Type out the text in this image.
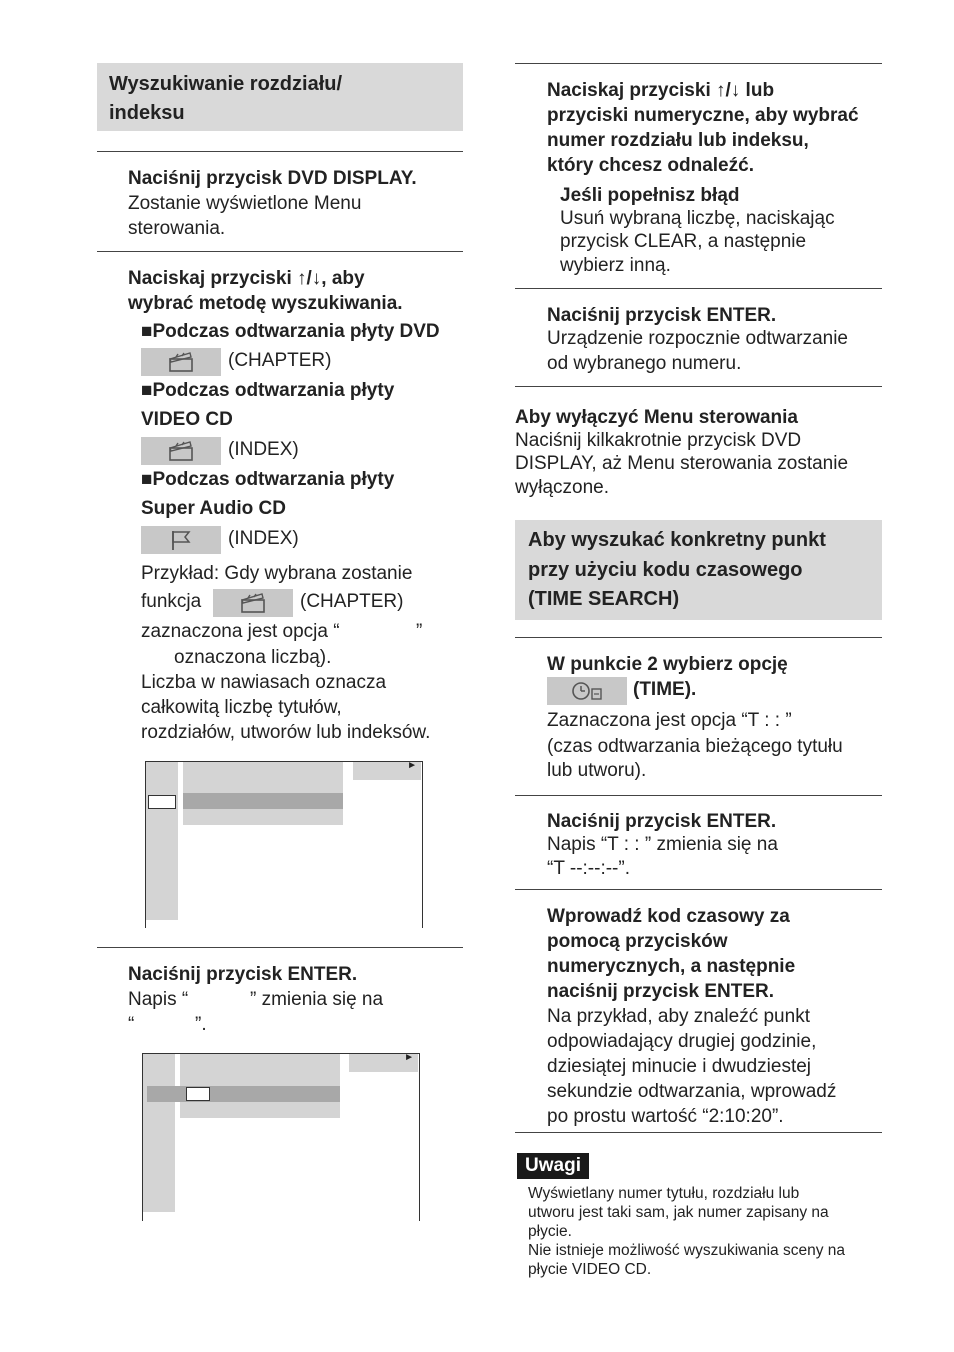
Wyszukiwanie rozdziału/
indeksu
Naciśnij przycisk DVD DISPLAY.
Zostanie wyświetlone Menu
sterowania.
Naciskaj przyciski ↑/↓, aby
wybrać metodę wyszukiwania.
■Podczas odtwarzania płyty DVD
(CHAPTER)
■Podczas odtwarzania płyty
VIDEO CD
(INDEX)
■Podczas odtwarzania płyty
Super Audio CD
(INDEX)
Przykład: Gdy wybrana zostanie
funkcja	(CHAPTER)
zaznaczona jest opcja “	”
oznaczona liczbą).
Liczba w nawiasach oznacza
całkowitą liczbę tytułów,
rozdziałów, utworów lub indeksów.
►
Naciśnij przycisk ENTER.
Napis “	” zmienia się na
“	”.
►
Naciskaj przyciski ↑/↓ lub
przyciski numeryczne, aby wybrać
numer rozdziału lub indeksu,
który chcesz odnaleźć.
Jeśli popełnisz błąd
Usuń wybraną liczbę, naciskając
przycisk CLEAR, a następnie
wybierz inną.
Naciśnij przycisk ENTER.
Urządzenie rozpocznie odtwarzanie
od wybranego numeru.
Aby wyłączyć Menu sterowania
Naciśnij kilkakrotnie przycisk DVD
DISPLAY, aż Menu sterowania zostanie
wyłączone.
Aby wyszukać konkretny punkt
przy użyciu kodu czasowego
(TIME SEARCH)
W punkcie 2 wybierz opcję
(TIME).
Zaznaczona jest opcja “T : : ”
(czas odtwarzania bieżącego tytułu
lub utworu).
Naciśnij przycisk ENTER.
Napis “T : : ” zmienia się na
“T --:--:--”.
Wprowadź kod czasowy za
pomocą przycisków
numerycznych, a następnie
naciśnij przycisk ENTER.
Na przykład, aby znaleźć punkt
odpowiadający drugiej godzinie,
dziesiątej minucie i dwudziestej
sekundzie odtwarzania, wprowadź
po prostu wartość “2:10:20”.
Uwagi
Wyświetlany numer tytułu, rozdziału lub
utworu jest taki sam, jak numer zapisany na
płycie.
Nie istnieje możliwość wyszukiwania sceny na
płycie VIDEO CD.
